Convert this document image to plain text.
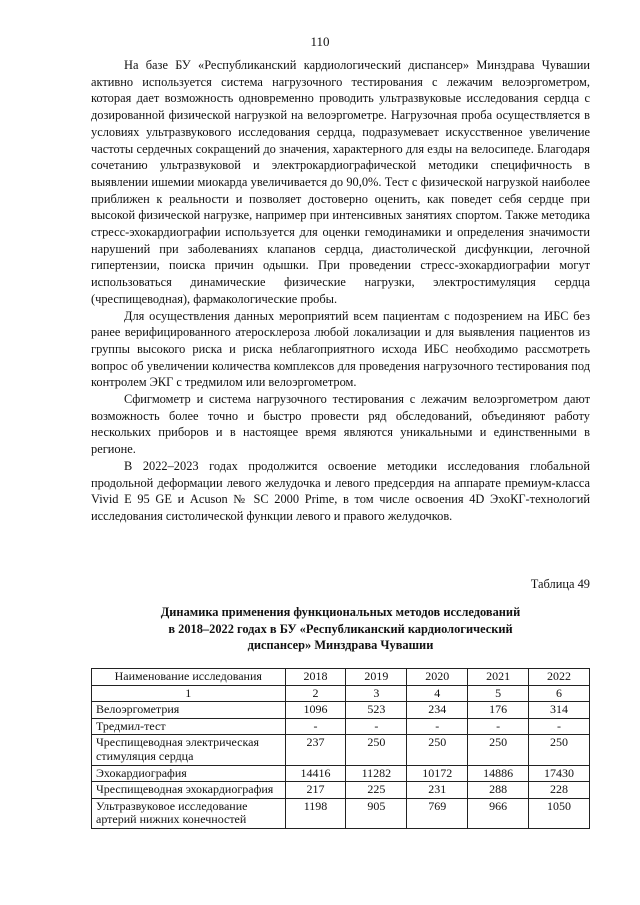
110

На базе БУ «Республиканский кардиологический диспансер» Минздрава Чувашии активно используется система нагрузочного тестирования с лежачим велоэргометром, которая дает возможность одновременно проводить ультразвуковые исследования сердца с дозированной физической нагрузкой на велоэргометре. Нагрузочная проба осуществляется в условиях ультразвукового исследования сердца, подразумевает искусственное увеличение частоты сердечных сокращений до значения, характерного для езды на велосипеде. Благодаря сочетанию ультразвуковой и электрокардиографической методики специфичность в выявлении ишемии миокарда увеличивается до 90,0%. Тест с физической нагрузкой наиболее приближен к реальности и позволяет достоверно оценить, как поведет себя сердце при высокой физической нагрузке, например при интенсивных занятиях спортом. Также методика стресс-эхокардиографии используется для оценки гемодинамики и определения значимости нарушений при заболеваниях клапанов сердца, диастолической дисфункции, легочной гипертензии, поиска причин одышки. При проведении стресс-эхокардиографии могут использоваться динамические физические нагрузки, электростимуляция сердца (чреспищеводная), фармакологические пробы.

Для осуществления данных мероприятий всем пациентам с подозрением на ИБС без ранее верифицированного атеросклероза любой локализации и для выявления пациентов из группы высокого риска и риска неблагоприятного исхода ИБС необходимо рассмотреть вопрос об увеличении количества комплексов для проведения нагрузочного тестирования под контролем ЭКГ с тредмилом или велоэргометром.

Сфигмометр и система нагрузочного тестирования с лежачим велоэргометром дают возможность более точно и быстро провести ряд обследований, объединяют работу нескольких приборов и в настоящее время являются уникальными и единственными в регионе.

В 2022–2023 годах продолжится освоение методики исследования глобальной продольной деформации левого желудочка и левого предсердия на аппарате премиум-класса Vivid E 95 GE и Acuson № SC 2000 Prime, в том числе освоения 4D ЭхоКГ-технологий исследования систолической функции левого и правого желудочков.

Таблица 49
Динамика применения функциональных методов исследований
в 2018–2022 годах в БУ «Республиканский кардиологический
диспансер» Минздрава Чувашии
Наименование исследования	2018	2019	2020	2021	2022
1	2	3	4	5	6
Велоэргометрия	1096	523	234	176	314
Тредмил-тест	-	-	-	-	-
Чреспищеводная электрическая стимуляция сердца	237	250	250	250	250
Эхокардиография	14416	11282	10172	14886	17430
Чреспищеводная эхокардиография	217	225	231	288	228
Ультразвуковое исследование артерий нижних конечностей	1198	905	769	966	1050
